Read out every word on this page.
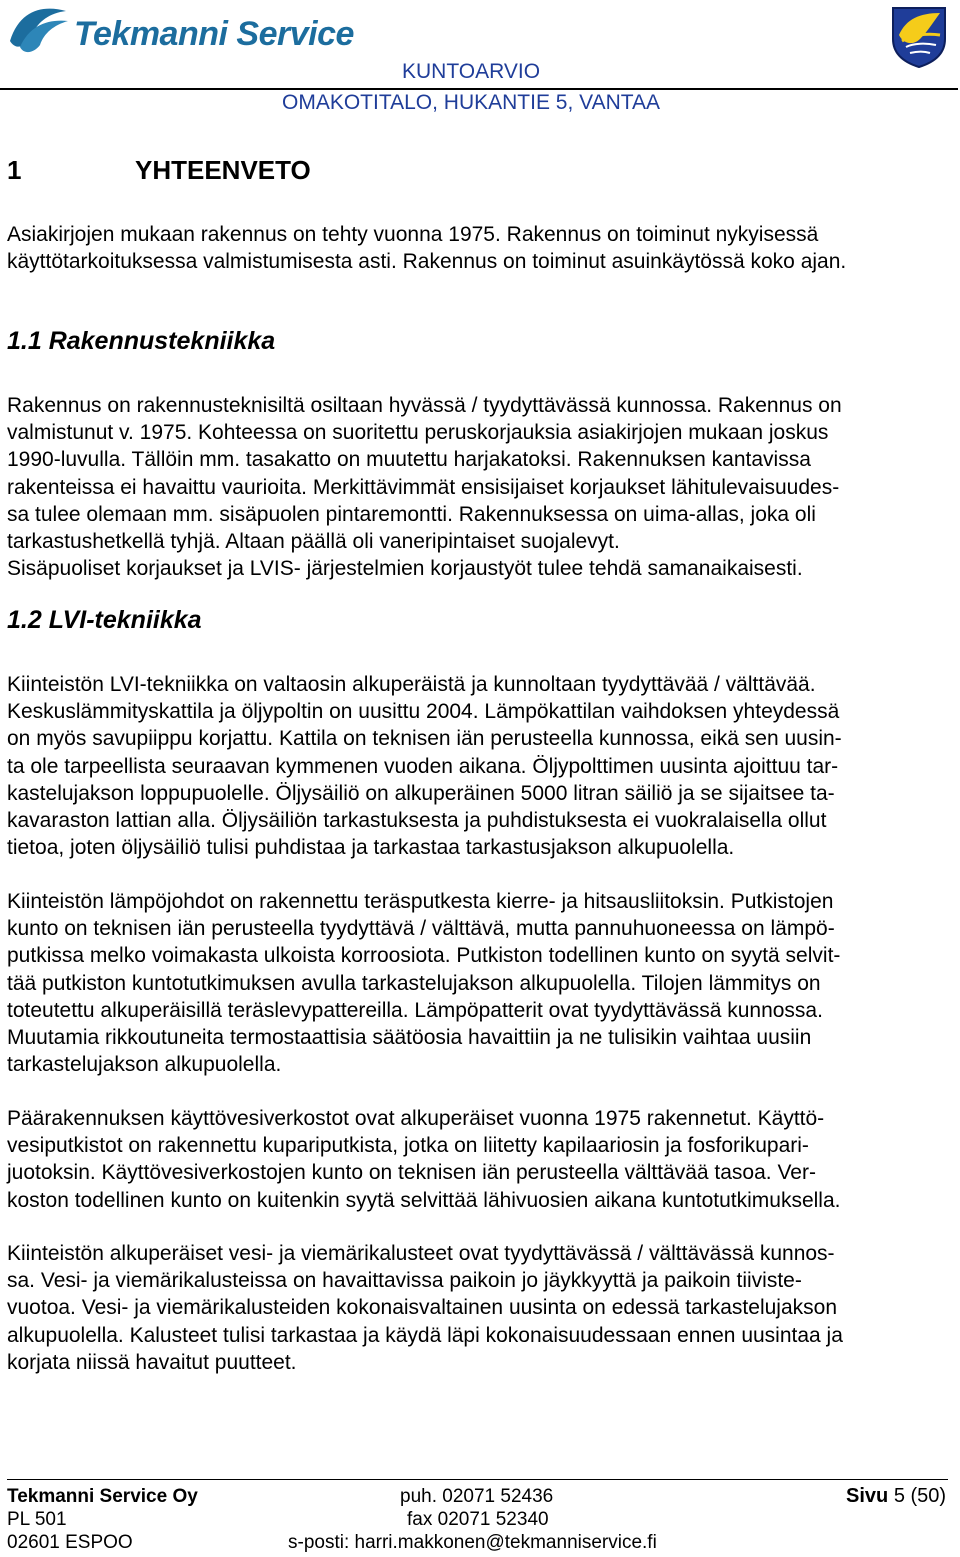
Tekmanni Service
KUNTOARVIO
OMAKOTITALO, HUKANTIE 5, VANTAA
1	YHTEENVETO

Asiakirjojen mukaan rakennus on tehty vuonna 1975. Rakennus on toiminut nykyisessä
käyttötarkoituksessa valmistumisesta asti. Rakennus on toiminut asuinkäytössä koko ajan.

1.1 Rakennustekniikka

Rakennus on rakennusteknisiltä osiltaan hyvässä / tyydyttävässä kunnossa. Rakennus on
valmistunut v. 1975. Kohteessa on suoritettu peruskorjauksia asiakirjojen mukaan joskus
1990-luvulla. Tällöin mm. tasakatto on muutettu harjakatoksi. Rakennuksen kantavissa
rakenteissa ei havaittu vaurioita. Merkittävimmät ensisijaiset korjaukset lähitulevaisuudes-
sa tulee olemaan mm. sisäpuolen pintaremontti. Rakennuksessa on uima-allas, joka oli
tarkastushetkellä tyhjä. Altaan päällä oli vaneripintaiset suojalevyt.
Sisäpuoliset korjaukset ja LVIS- järjestelmien korjaustyöt tulee tehdä samanaikaisesti.

1.2 LVI-tekniikka

Kiinteistön LVI-tekniikka on valtaosin alkuperäistä ja kunnoltaan tyydyttävää / välttävää.
Keskuslämmityskattila ja öljypoltin on uusittu 2004. Lämpökattilan vaihdoksen yhteydessä
on myös savupiippu korjattu. Kattila on teknisen iän perusteella kunnossa, eikä sen uusin-
ta ole tarpeellista seuraavan kymmenen vuoden aikana. Öljypolttimen uusinta ajoittuu tar-
kastelujakson loppupuolelle. Öljysäiliö on alkuperäinen 5000 litran säiliö ja se sijaitsee ta-
kavaraston lattian alla. Öljysäiliön tarkastuksesta ja puhdistuksesta ei vuokralaisella ollut
tietoa, joten öljysäiliö tulisi puhdistaa ja tarkastaa tarkastusjakson alkupuolella.

Kiinteistön lämpöjohdot on rakennettu teräsputkesta kierre- ja hitsausliitoksin. Putkistojen
kunto on teknisen iän perusteella tyydyttävä / välttävä, mutta pannuhuoneessa on lämpö-
putkissa melko voimakasta ulkoista korroosiota. Putkiston todellinen kunto on syytä selvit-
tää putkiston kuntotutkimuksen avulla tarkastelujakson alkupuolella. Tilojen lämmitys on
toteutettu alkuperäisillä teräslevypattereilla. Lämpöpatterit ovat tyydyttävässä kunnossa.
Muutamia rikkoutuneita termostaattisia säätöosia havaittiin ja ne tulisikin vaihtaa uusiin
tarkastelujakson alkupuolella.

Päärakennuksen käyttövesiverkostot ovat alkuperäiset vuonna 1975 rakennetut. Käyttö-
vesiputkistot on rakennettu kupariputkista, jotka on liitetty kapilaariosin ja fosforikupari-
juotoksin. Käyttövesiverkostojen kunto on teknisen iän perusteella välttävää tasoa. Ver-
koston todellinen kunto on kuitenkin syytä selvittää lähivuosien aikana kuntotutkimuksella.

Kiinteistön alkuperäiset vesi- ja viemärikalusteet ovat tyydyttävässä / välttävässä kunnos-
sa. Vesi- ja viemärikalusteissa on havaittavissa paikoin jo jäykkyyttä ja paikoin tiiviste-
vuotoa. Vesi- ja viemärikalusteiden kokonaisvaltainen uusinta on edessä tarkastelujakson
alkupuolella. Kalusteet tulisi tarkastaa ja käydä läpi kokonaisuudessaan ennen uusintaa ja
korjata niissä havaitut puutteet.

Tekmanni Service Oy
PL 501
02601 ESPOO
puh. 02071 52436
fax 02071 52340
s-posti: harri.makkonen@tekmanniservice.fi
Sivu 5 (50)
